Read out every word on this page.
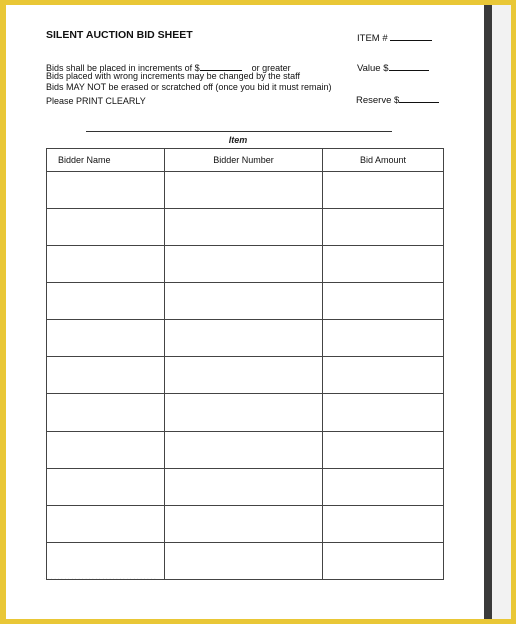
SILENT AUCTION BID SHEET
Bids shall be placed in increments of $	or greater
Bids placed with wrong increments may be changed by the staff
Bids MAY NOT be erased or scratched off (once you bid it must remain)
Please PRINT CLEARLY
ITEM #
Value $
Reserve $
Item
Bidder Name	Bidder Number	Bid Amount

· · · · · · · · · · · · · · · · · · · · · · · · · · · · · · · · ·
